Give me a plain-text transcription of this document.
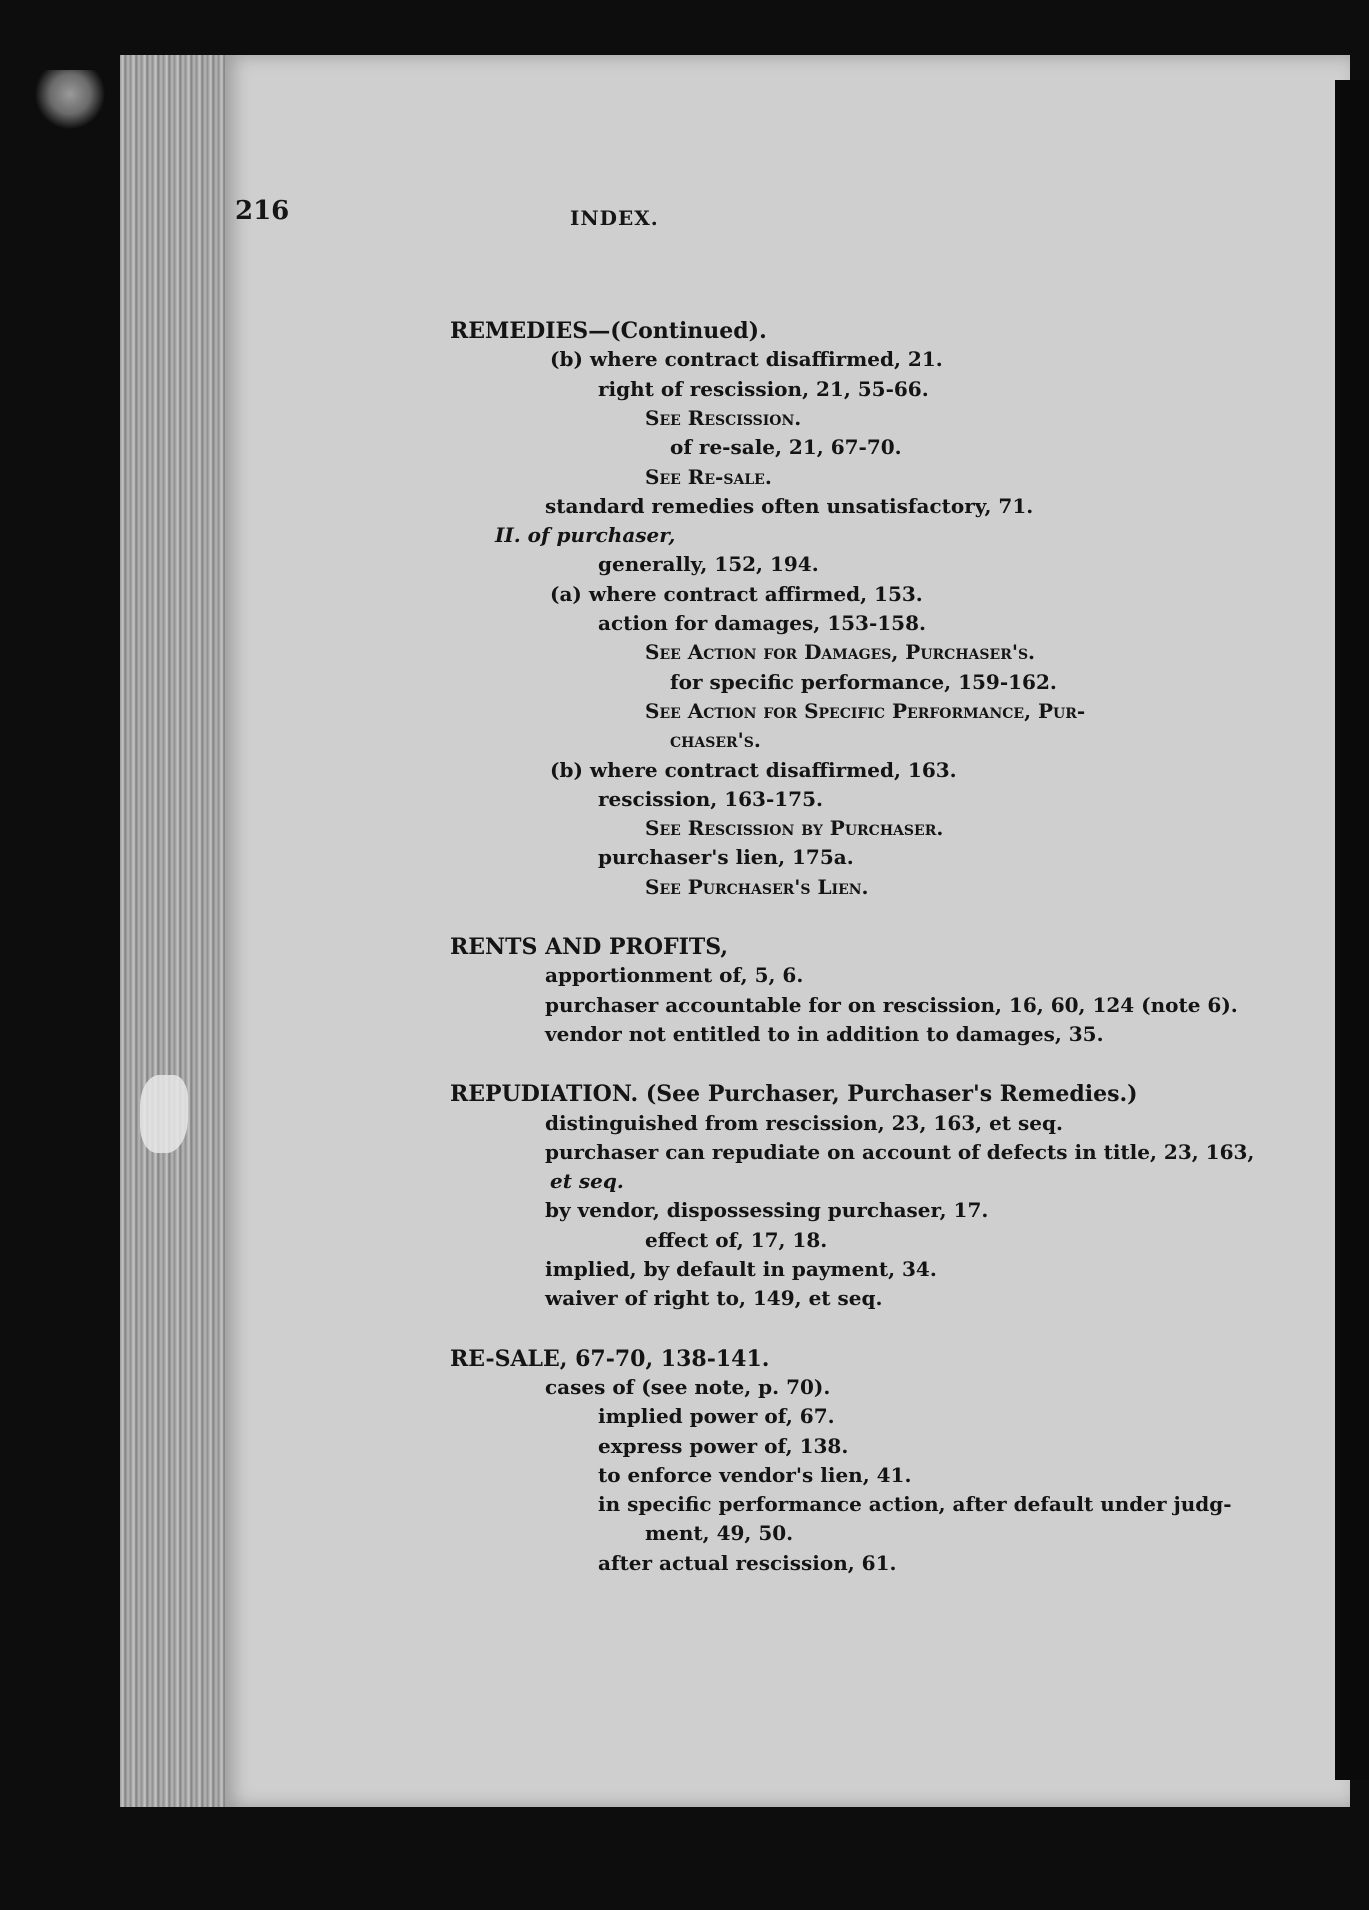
216	INDEX.
REMEDIES—(Continued).
(b) where contract disaffirmed, 21.
right of rescission, 21, 55-66.
See Rescission.
of re-sale, 21, 67-70.
See Re-sale.
standard remedies often unsatisfactory, 71.
II. of purchaser,
generally, 152, 194.
(a) where contract affirmed, 153.
action for damages, 153-158.
See Action for Damages, Purchaser's.
for specific performance, 159-162.
See Action for Specific Performance, Pur-
chaser's.
(b) where contract disaffirmed, 163.
rescission, 163-175.
See Rescission by Purchaser.
purchaser's lien, 175a.
See Purchaser's Lien.
RENTS AND PROFITS,
apportionment of, 5, 6.
purchaser accountable for on rescission, 16, 60, 124 (note 6).
vendor not entitled to in addition to damages, 35.
REPUDIATION. (See Purchaser, Purchaser's Remedies.)
distinguished from rescission, 23, 163, et seq.
purchaser can repudiate on account of defects in title, 23, 163,
et seq.
by vendor, dispossessing purchaser, 17.
effect of, 17, 18.
implied, by default in payment, 34.
waiver of right to, 149, et seq.
RE-SALE, 67-70, 138-141.
cases of (see note, p. 70).
implied power of, 67.
express power of, 138.
to enforce vendor's lien, 41.
in specific performance action, after default under judg-
ment, 49, 50.
after actual rescission, 61.
